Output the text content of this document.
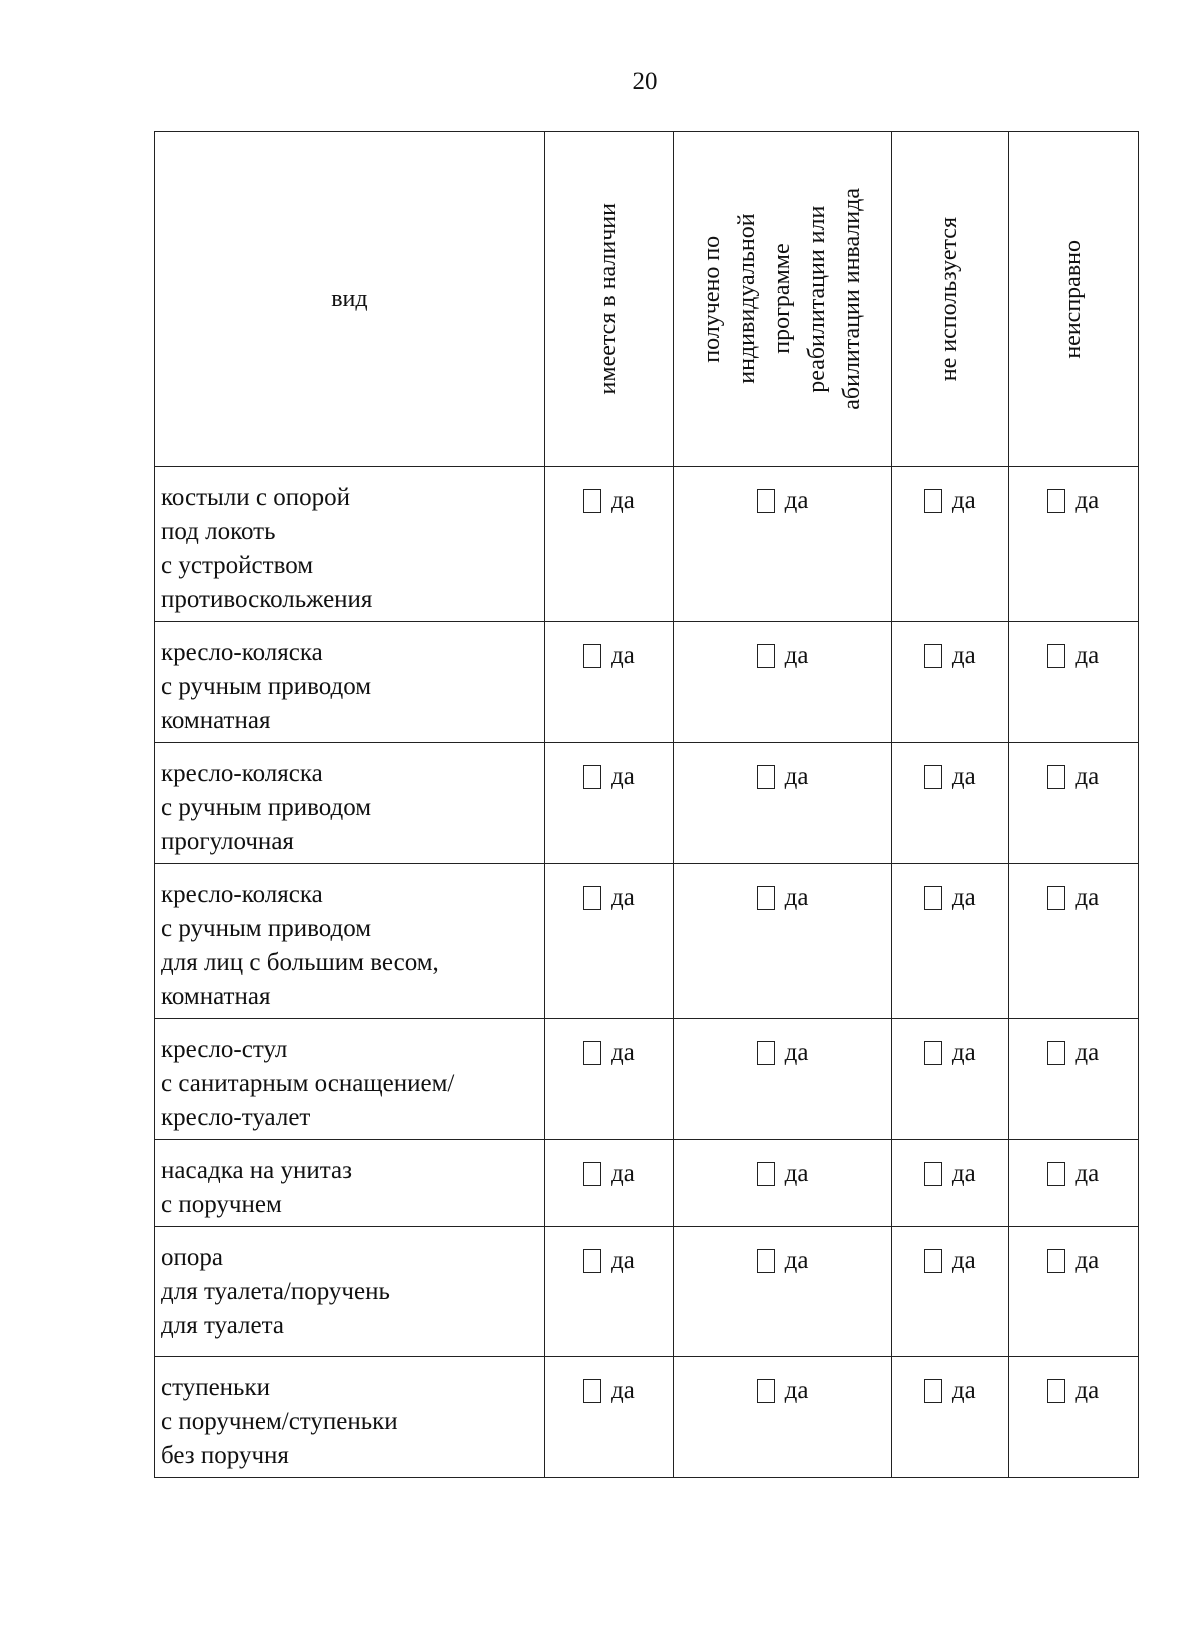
20
вид	имеется в наличии	получено по индивидуальной программе реабилитации или абилитации инвалида	не используется	неисправно

костыли с опорой
под локоть
с устройством
противоскольжения	да	да	да	да

кресло-коляска
с ручным приводом
комнатная	да	да	да	да

кресло-коляска
с ручным приводом
прогулочная	да	да	да	да

кресло-коляска
с ручным приводом
для лиц с большим весом,
комнатная	да	да	да	да

кресло-стул
с санитарным оснащением/
кресло-туалет	да	да	да	да

насадка на унитаз
с поручнем	да	да	да	да

опора
для туалета/поручень
для туалета	да	да	да	да

ступеньки
с поручнем/ступеньки
без поручня	да	да	да	да
